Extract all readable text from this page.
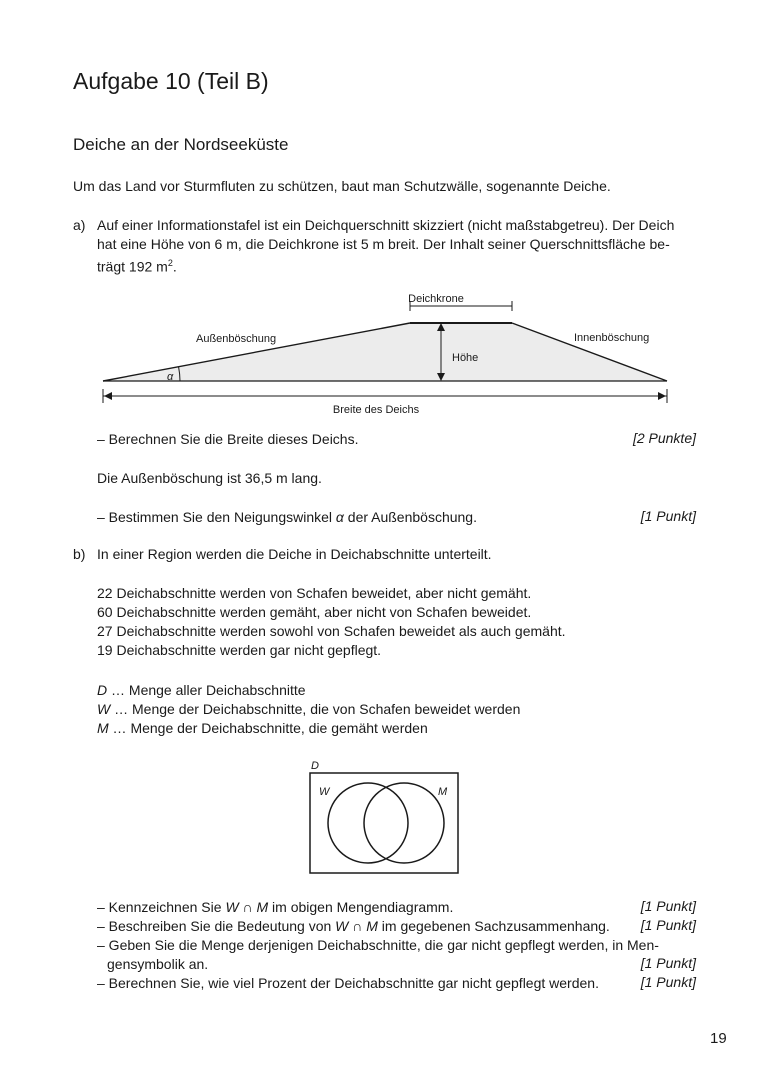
Aufgabe 10 (Teil B)
Deiche an der Nordseeküste
Um das Land vor Sturmfluten zu schützen, baut man Schutzwälle, sogenannte Deiche.
a) Auf einer Informationstafel ist ein Deichquerschnitt skizziert (nicht maßstabgetreu). Der Deich
hat eine Höhe von 6 m, die Deichkrone ist 5 m breit. Der Inhalt seiner Querschnittsfläche be-
trägt 192 $m^2$.
Deichkrone
Außenböschung	Innenböschung
Höhe
α
Breite des Deichs
– Berechnen Sie die Breite dieses Deichs.	[2 Punkte]
Die Außenböschung ist 36,5 m lang.
– Bestimmen Sie den Neigungswinkel α der Außenböschung.	[1 Punkt]
b) In einer Region werden die Deiche in Deichabschnitte unterteilt.
22 Deichabschnitte werden von Schafen beweidet, aber nicht gemäht.
60 Deichabschnitte werden gemäht, aber nicht von Schafen beweidet.
27 Deichabschnitte werden sowohl von Schafen beweidet als auch gemäht.
19 Deichabschnitte werden gar nicht gepflegt.
D … Menge aller Deichabschnitte
W … Menge der Deichabschnitte, die von Schafen beweidet werden
M … Menge der Deichabschnitte, die gemäht werden
D
W	M
– Kennzeichnen Sie W ∩ M im obigen Mengendiagramm.	[1 Punkt]
– Beschreiben Sie die Bedeutung von W ∩ M im gegebenen Sachzusammenhang.	[1 Punkt]
– Geben Sie die Menge derjenigen Deichabschnitte, die gar nicht gepflegt werden, in Men-
gensymbolik an.	[1 Punkt]
– Berechnen Sie, wie viel Prozent der Deichabschnitte gar nicht gepflegt werden.	[1 Punkt]
19
